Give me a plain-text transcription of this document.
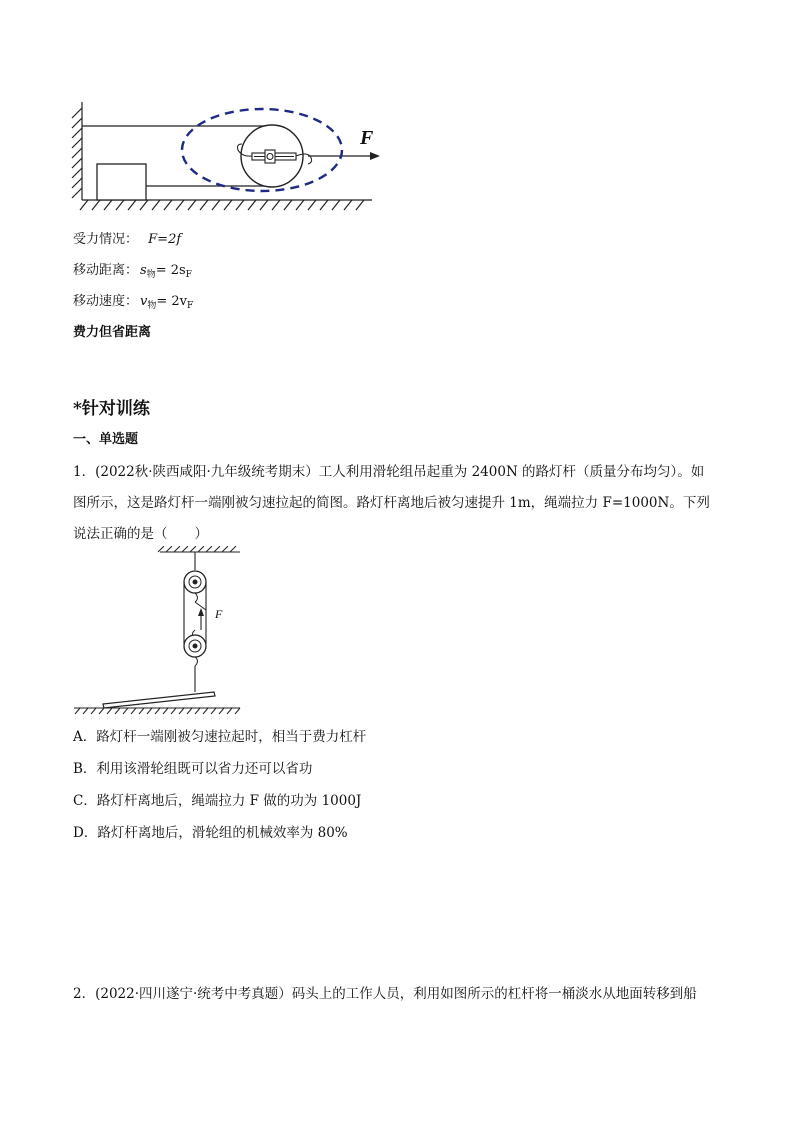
F
受力情况： F=2f
移动距离： $s_物= 2s_F$
移动速度： $v_物= 2v_F$
费力但省距离
*针对训练
一、单选题
1．(2022秋·陕西咸阳·九年级统考期末）工人利用滑轮组吊起重为 2400N 的路灯杆（质量分布均匀）。如
图所示，这是路灯杆一端刚被匀速拉起的简图。路灯杆离地后被匀速提升 1m，绳端拉力 F=1000N。下列
说法正确的是（　　）
F
A．路灯杆一端刚被匀速拉起时，相当于费力杠杆
B．利用该滑轮组既可以省力还可以省功
C．路灯杆离地后，绳端拉力 F 做的功为 1000J
D．路灯杆离地后，滑轮组的机械效率为 80%
2．(2022·四川遂宁·统考中考真题）码头上的工作人员，利用如图所示的杠杆将一桶淡水从地面转移到船
